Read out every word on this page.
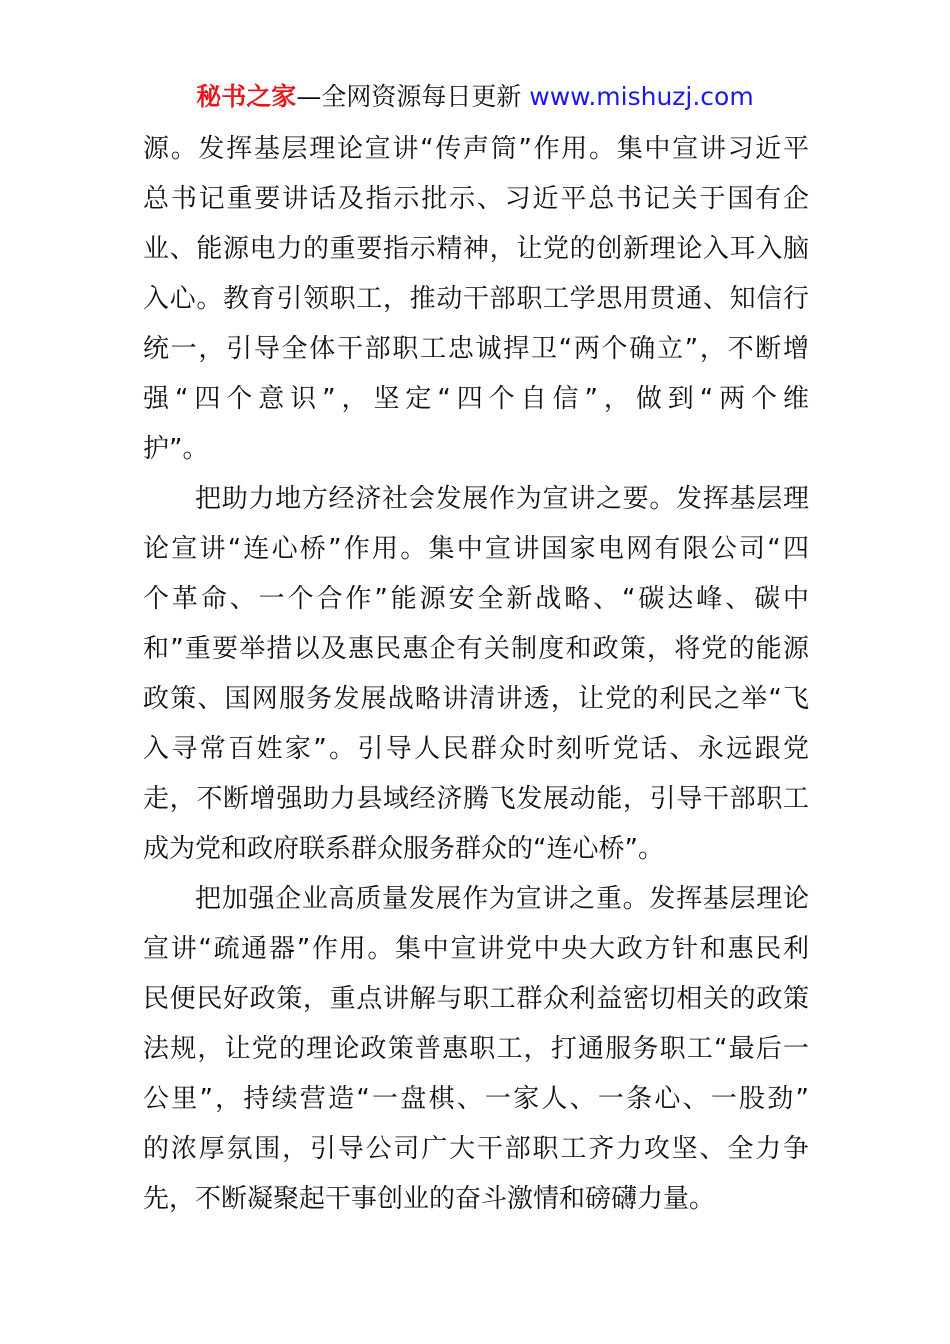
秘书之家—全网资源每日更新 www.mishuzj.com
源。发挥基层理论宣讲“传声筒”作用。集中宣讲习近平
总书记重要讲话及指示批示、习近平总书记关于国有企
业、能源电力的重要指示精神，让党的创新理论入耳入脑
入心。教育引领职工，推动干部职工学思用贯通、知信行
统一，引导全体干部职工忠诚捍卫“两个确立”，不断增
强“四个意识”，坚定“四个自信”，做到“两个维
护”。
把助力地方经济社会发展作为宣讲之要。发挥基层理
论宣讲“连心桥”作用。集中宣讲国家电网有限公司“四
个革命、一个合作”能源安全新战略、“碳达峰、碳中
和”重要举措以及惠民惠企有关制度和政策，将党的能源
政策、国网服务发展战略讲清讲透，让党的利民之举“飞
入寻常百姓家”。引导人民群众时刻听党话、永远跟党
走，不断增强助力县域经济腾飞发展动能，引导干部职工
成为党和政府联系群众服务群众的“连心桥”。
把加强企业高质量发展作为宣讲之重。发挥基层理论
宣讲“疏通器”作用。集中宣讲党中央大政方针和惠民利
民便民好政策，重点讲解与职工群众利益密切相关的政策
法规，让党的理论政策普惠职工，打通服务职工“最后一
公里”，持续营造“一盘棋、一家人、一条心、一股劲”
的浓厚氛围，引导公司广大干部职工齐力攻坚、全力争
先，不断凝聚起干事创业的奋斗激情和磅礴力量。
